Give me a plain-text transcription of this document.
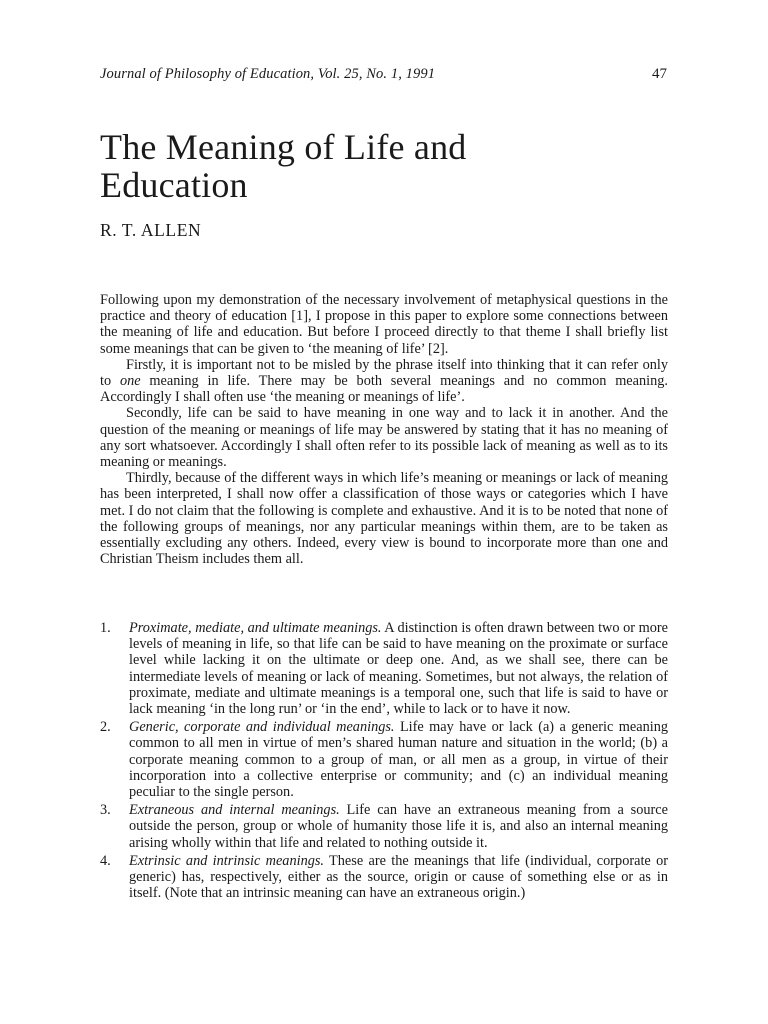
Journal of Philosophy of Education, Vol. 25, No. 1, 1991	47
The Meaning of Life and Education
R. T. ALLEN

Following upon my demonstration of the necessary involvement of metaphysical questions in the practice and theory of education [1], I propose in this paper to explore some connections between the meaning of life and education. But before I proceed directly to that theme I shall briefly list some meanings that can be given to ‘the meaning of life’ [2].

Firstly, it is important not to be misled by the phrase itself into thinking that it can refer only to one meaning in life. There may be both several meanings and no common meaning. Accordingly I shall often use ‘the meaning or meanings of life’.

Secondly, life can be said to have meaning in one way and to lack it in another. And the question of the meaning or meanings of life may be answered by stating that it has no meaning of any sort whatsoever. Accordingly I shall often refer to its possible lack of meaning as well as to its meaning or meanings.

Thirdly, because of the different ways in which life’s meaning or meanings or lack of meaning has been interpreted, I shall now offer a classification of those ways or categories which I have met. I do not claim that the following is complete and exhaustive. And it is to be noted that none of the following groups of meanings, nor any particular meanings within them, are to be taken as essentially excluding any others. Indeed, every view is bound to incorporate more than one and Christian Theism includes them all.

1. Proximate, mediate, and ultimate meanings. A distinction is often drawn between two or more levels of meaning in life, so that life can be said to have meaning on the proximate or surface level while lacking it on the ultimate or deep one. And, as we shall see, there can be intermediate levels of meaning or lack of meaning. Sometimes, but not always, the relation of proximate, mediate and ultimate meanings is a temporal one, such that life is said to have or lack meaning ‘in the long run’ or ‘in the end’, while to lack or to have it now.
2. Generic, corporate and individual meanings. Life may have or lack (a) a generic meaning common to all men in virtue of men’s shared human nature and situation in the world; (b) a corporate meaning common to a group of man, or all men as a group, in virtue of their incorporation into a collective enterprise or community; and (c) an individual meaning peculiar to the single person.
3. Extraneous and internal meanings. Life can have an extraneous meaning from a source outside the person, group or whole of humanity those life it is, and also an internal meaning arising wholly within that life and related to nothing outside it.
4. Extrinsic and intrinsic meanings. These are the meanings that life (individual, corporate or generic) has, respectively, either as the source, origin or cause of something else or as in itself. (Note that an intrinsic meaning can have an extraneous origin.)
